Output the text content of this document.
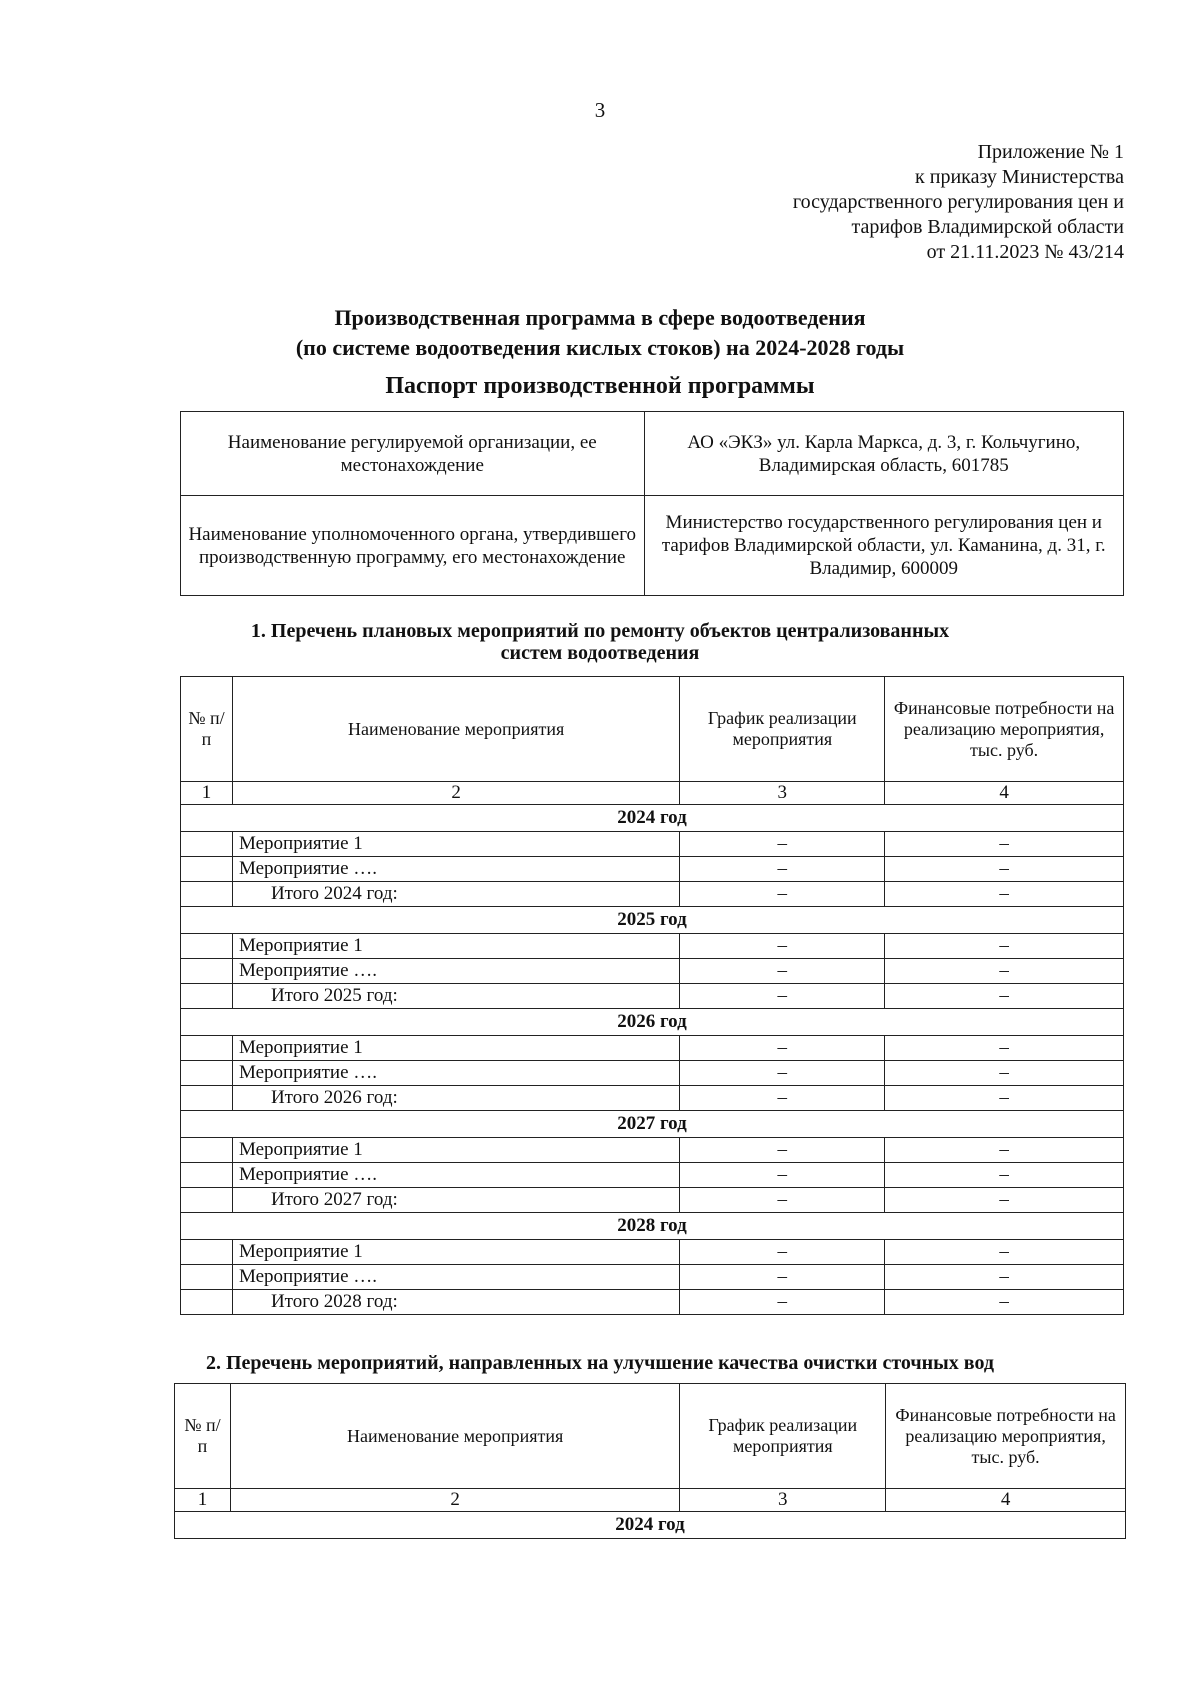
3
Приложение № 1
к приказу Министерства
государственного регулирования цен и
тарифов Владимирской области
от 21.11.2023 № 43/214
Производственная программа в сфере водоотведения
(по системе водоотведения кислых стоков) на 2024-2028 годы
Паспорт производственной программы
Наименование регулируемой организации, ее местонахождение	АО «ЭКЗ» ул. Карла Маркса, д. 3, г. Кольчугино, Владимирская область, 601785
Наименование уполномоченного органа, утвердившего производственную программу, его местонахождение	Министерство государственного регулирования цен и тарифов Владимирской области, ул. Каманина, д. 31, г. Владимир, 600009
1. Перечень плановых мероприятий по ремонту объектов централизованных
систем водоотведения
№ п/п	Наименование мероприятия	График реализации мероприятия	Финансовые потребности на реализацию мероприятия, тыс. руб.
1	2	3	4
2024 год			
	Мероприятие 1	–	–
	Мероприятие ….	–	–
	Итого 2024 год:	–	–
2025 год			
	Мероприятие 1	–	–
	Мероприятие ….	–	–
	Итого 2025 год:	–	–
2026 год			
	Мероприятие 1	–	–
	Мероприятие ….	–	–
	Итого 2026 год:	–	–
2027 год			
	Мероприятие 1	–	–
	Мероприятие ….	–	–
	Итого 2027 год:	–	–
2028 год			
	Мероприятие 1	–	–
	Мероприятие ….	–	–
	Итого 2028 год:	–	–
2. Перечень мероприятий, направленных на улучшение качества очистки сточных вод
№ п/п	Наименование мероприятия	График реализации мероприятия	Финансовые потребности на реализацию мероприятия, тыс. руб.
1	2	3	4
2024 год			
